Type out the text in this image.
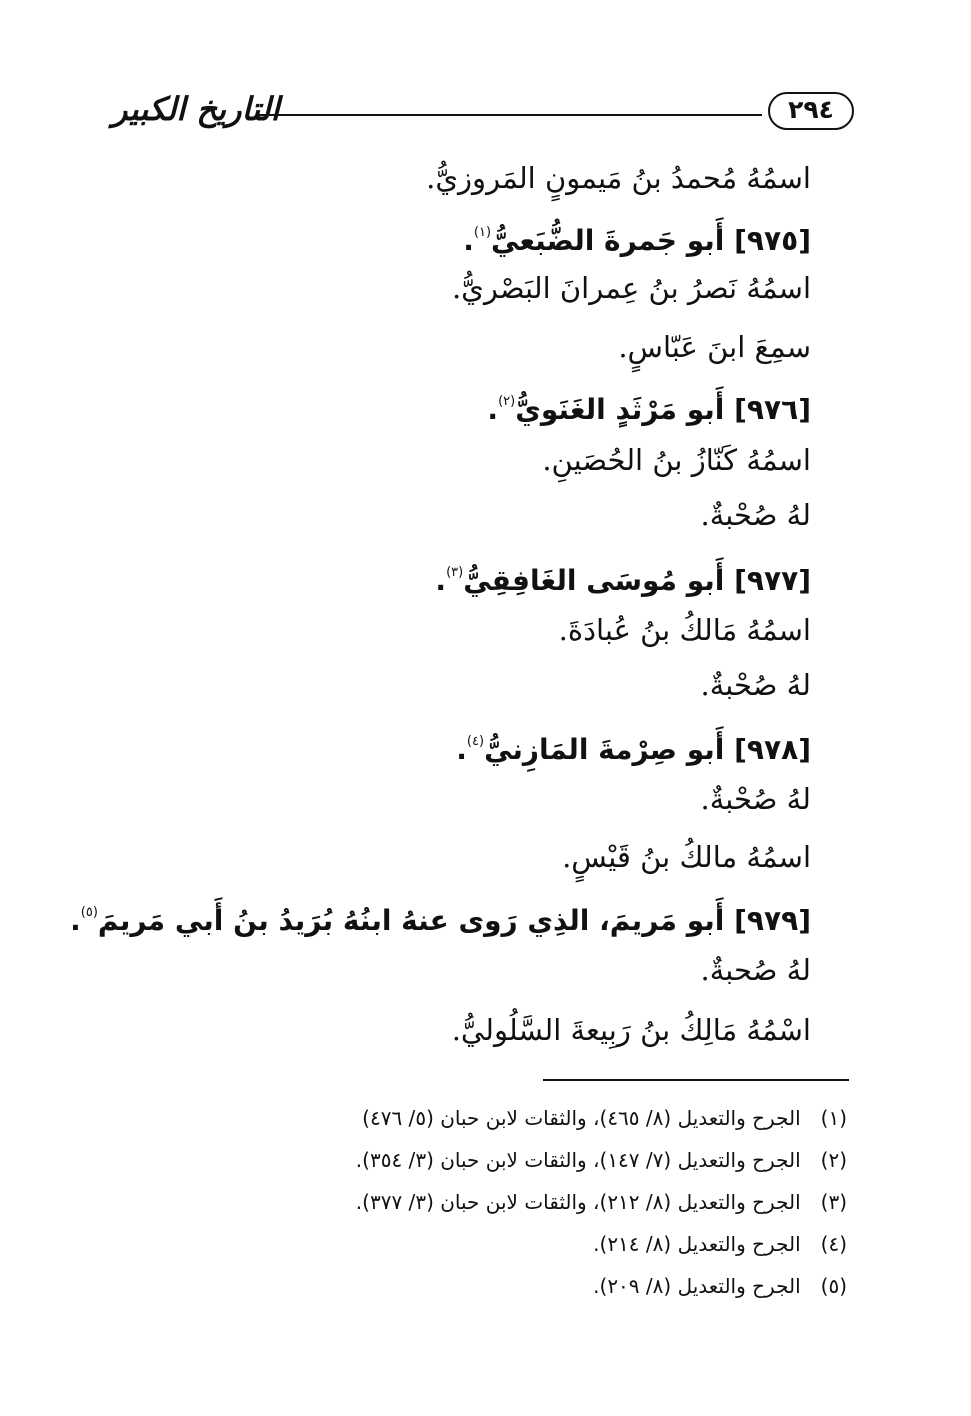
التاريخ الكبير	٢٩٤
اسمُهُ مُحمدُ بنُ مَيمونٍ المَروزيُّ.
[٩٧٥] أَبو جَمرةَ الضُّبَعيُّ$^{(١)}$.
اسمُهُ نَصرُ بنُ عِمرانَ البَصْريُّ.
سمِعَ ابنَ عَبّاسٍ.
[٩٧٦] أَبو مَرْثَدٍ الغَنَويُّ$^{(٢)}$.
اسمُهُ كَنّازُ بنُ الحُصَينِ.
لهُ صُحْبةٌ.
[٩٧٧] أَبو مُوسَى الغَافِقِيُّ$^{(٣)}$.
اسمُهُ مَالكُ بنُ عُبادَةَ.
لهُ صُحْبةٌ.
[٩٧٨] أَبو صِرْمةَ المَازِنيُّ$^{(٤)}$.
لهُ صُحْبةٌ.
اسمُهُ مالكُ بنُ قَيْسٍ.
[٩٧٩] أَبو مَريمَ، الذِي رَوى عنهُ ابنُهُ بُرَيدُ بنُ أَبي مَريمَ$^{(٥)}$.
لهُ صُحبةٌ.
اسْمُهُ مَالِكُ بنُ رَبِيعةَ السَّلُوليُّ.
(١) الجرح والتعديل (٨/ ٤٦٥)، والثقات لابن حبان (٥/ ٤٧٦)
(٢) الجرح والتعديل (٧/ ١٤٧)، والثقات لابن حبان (٣/ ٣٥٤).
(٣) الجرح والتعديل (٨/ ٢١٢)، والثقات لابن حبان (٣/ ٣٧٧).
(٤) الجرح والتعديل (٨/ ٢١٤).
(٥) الجرح والتعديل (٨/ ٢٠٩).
